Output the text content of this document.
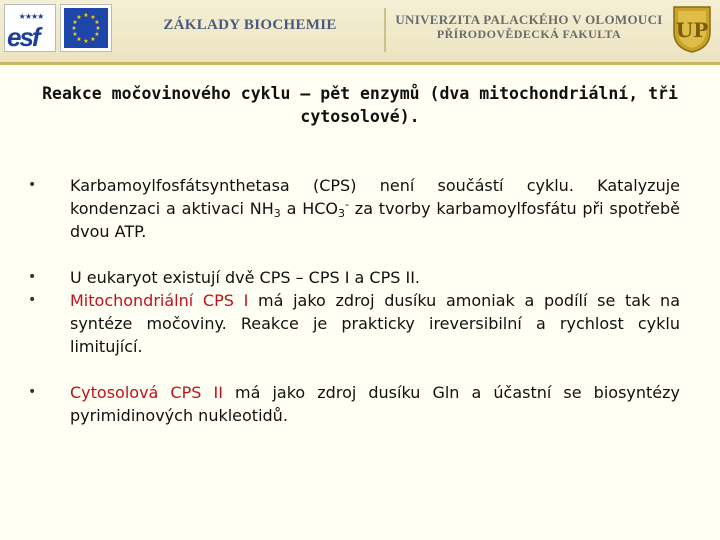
★★★★
esf
★ ★
★
★
★
★
★
★
★
★
★
★	ZÁKLADY BIOCHEMIE	UNIVERZITA PALACKÉHO V OLOMOUCI
PŘÍRODOVĚDECKÁ FAKULTA	UP
Reakce močovinového cyklu – pět enzymů (dva mitochondriální, tři cytosolové).
•	Karbamoylfosfátsynthetasa (CPS) není součástí cyklu. Katalyzuje kondenzaci a aktivaci $NH_3$ a $HCO_3^-$ za tvorby karbamoylfosfátu při spotřebě dvou ATP.
•	U eukaryot existují dvě CPS – CPS I a CPS II.
•	Mitochondriální CPS I má jako zdroj dusíku amoniak a podílí se tak na syntéze močoviny. Reakce je prakticky ireversibilní a rychlost cyklu limitující.
•	Cytosolová CPS II má jako zdroj dusíku Gln a účastní se biosyntézy pyrimidinových nukleotidů.
